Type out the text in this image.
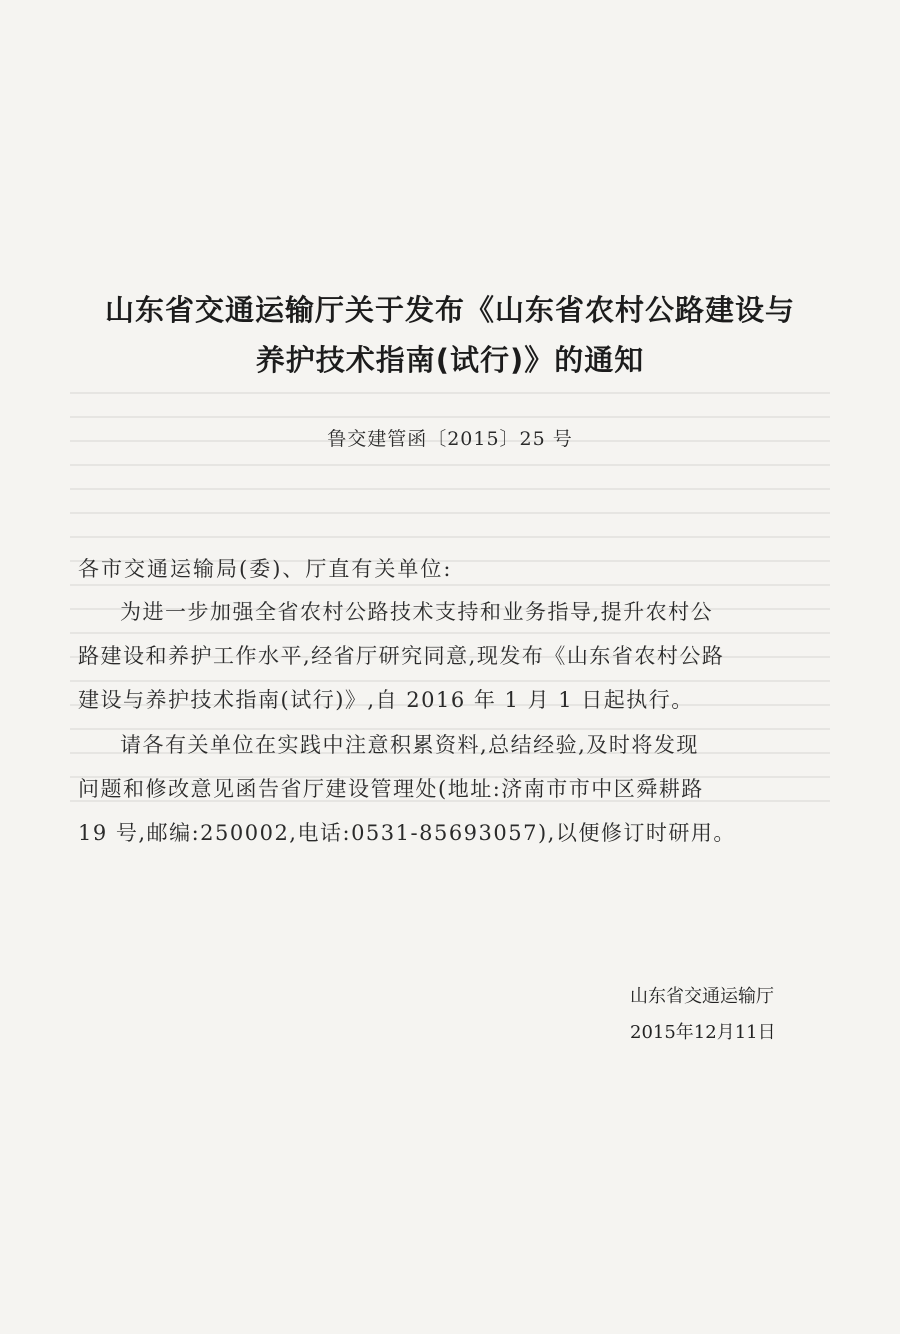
山东省交通运输厅关于发布《山东省农村公路建设与
养护技术指南(试行)》的通知
鲁交建管函〔2015〕25 号
各市交通运输局(委)、厅直有关单位:
为进一步加强全省农村公路技术支持和业务指导,提升农村公
路建设和养护工作水平,经省厅研究同意,现发布《山东省农村公路
建设与养护技术指南(试行)》,自 2016 年 1 月 1 日起执行。
请各有关单位在实践中注意积累资料,总结经验,及时将发现
问题和修改意见函告省厅建设管理处(地址:济南市市中区舜耕路
19 号,邮编:250002,电话:0531-85693057),以便修订时研用。
山东省交通运输厅
2015年12月11日
